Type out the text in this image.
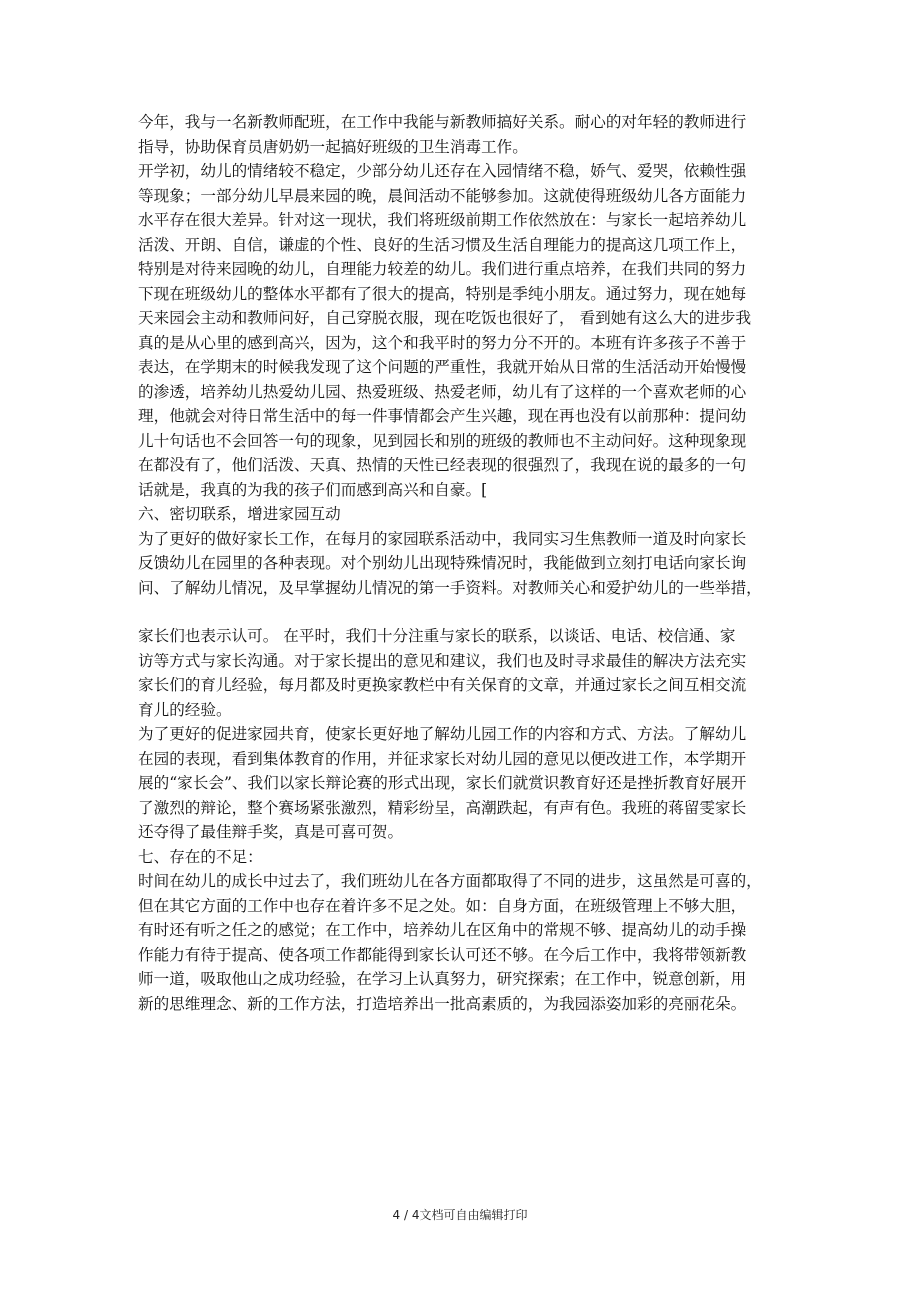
今年，我与一名新教师配班，在工作中我能与新教师搞好关系。耐心的对年轻的教师进行
指导，协助保育员唐奶奶一起搞好班级的卫生消毒工作。
开学初，幼儿的情绪较不稳定，少部分幼儿还存在入园情绪不稳，娇气、爱哭，依赖性强
等现象；一部分幼儿早晨来园的晚，晨间活动不能够参加。这就使得班级幼儿各方面能力
水平存在很大差异。针对这一现状，我们将班级前期工作依然放在：与家长一起培养幼儿
活泼、开朗、自信，谦虚的个性、良好的生活习惯及生活自理能力的提高这几项工作上，
特别是对待来园晚的幼儿，自理能力较差的幼儿。我们进行重点培养，在我们共同的努力
下现在班级幼儿的整体水平都有了很大的提高，特别是季纯小朋友。通过努力，现在她每
天来园会主动和教师问好，自己穿脱衣服，现在吃饭也很好了， 看到她有这么大的进步我
真的是从心里的感到高兴，因为，这个和我平时的努力分不开的。本班有许多孩子不善于
表达，在学期末的时候我发现了这个问题的严重性，我就开始从日常的生活活动开始慢慢
的渗透，培养幼儿热爱幼儿园、热爱班级、热爱老师，幼儿有了这样的一个喜欢老师的心
理，他就会对待日常生活中的每一件事情都会产生兴趣，现在再也没有以前那种：提问幼
儿十句话也不会回答一句的现象，见到园长和别的班级的教师也不主动问好。这种现象现
在都没有了，他们活泼、天真、热情的天性已经表现的很强烈了，我现在说的最多的一句
话就是，我真的为我的孩子们而感到高兴和自豪。[
六、密切联系，增进家园互动
为了更好的做好家长工作，在每月的家园联系活动中，我同实习生焦教师一道及时向家长
反馈幼儿在园里的各种表现。对个别幼儿出现特殊情况时，我能做到立刻打电话向家长询
问、了解幼儿情况，及早掌握幼儿情况的第一手资料。对教师关心和爱护幼儿的一些举措，
家长们也表示认可。 在平时，我们十分注重与家长的联系，以谈话、电话、校信通、家
访等方式与家长沟通。对于家长提出的意见和建议，我们也及时寻求最佳的解决方法充实
家长们的育儿经验，每月都及时更换家教栏中有关保育的文章，并通过家长之间互相交流
育儿的经验。
为了更好的促进家园共育，使家长更好地了解幼儿园工作的内容和方式、方法。了解幼儿
在园的表现，看到集体教育的作用，并征求家长对幼儿园的意见以便改进工作，本学期开
展的“家长会”、我们以家长辩论赛的形式出现，家长们就赏识教育好还是挫折教育好展开
了激烈的辩论，整个赛场紧张激烈，精彩纷呈，高潮跌起，有声有色。我班的蒋留雯家长
还夺得了最佳辩手奖，真是可喜可贺。
七、存在的不足：
时间在幼儿的成长中过去了，我们班幼儿在各方面都取得了不同的进步，这虽然是可喜的，
但在其它方面的工作中也存在着许多不足之处。如：自身方面，在班级管理上不够大胆，
有时还有听之任之的感觉；在工作中，培养幼儿在区角中的常规不够、提高幼儿的动手操
作能力有待于提高、使各项工作都能得到家长认可还不够。在今后工作中，我将带领新教
师一道，吸取他山之成功经验，在学习上认真努力，研究探索；在工作中，锐意创新，用
新的思维理念、新的工作方法，打造培养出一批高素质的，为我园添姿加彩的亮丽花朵。
4 / 4文档可自由编辑打印
